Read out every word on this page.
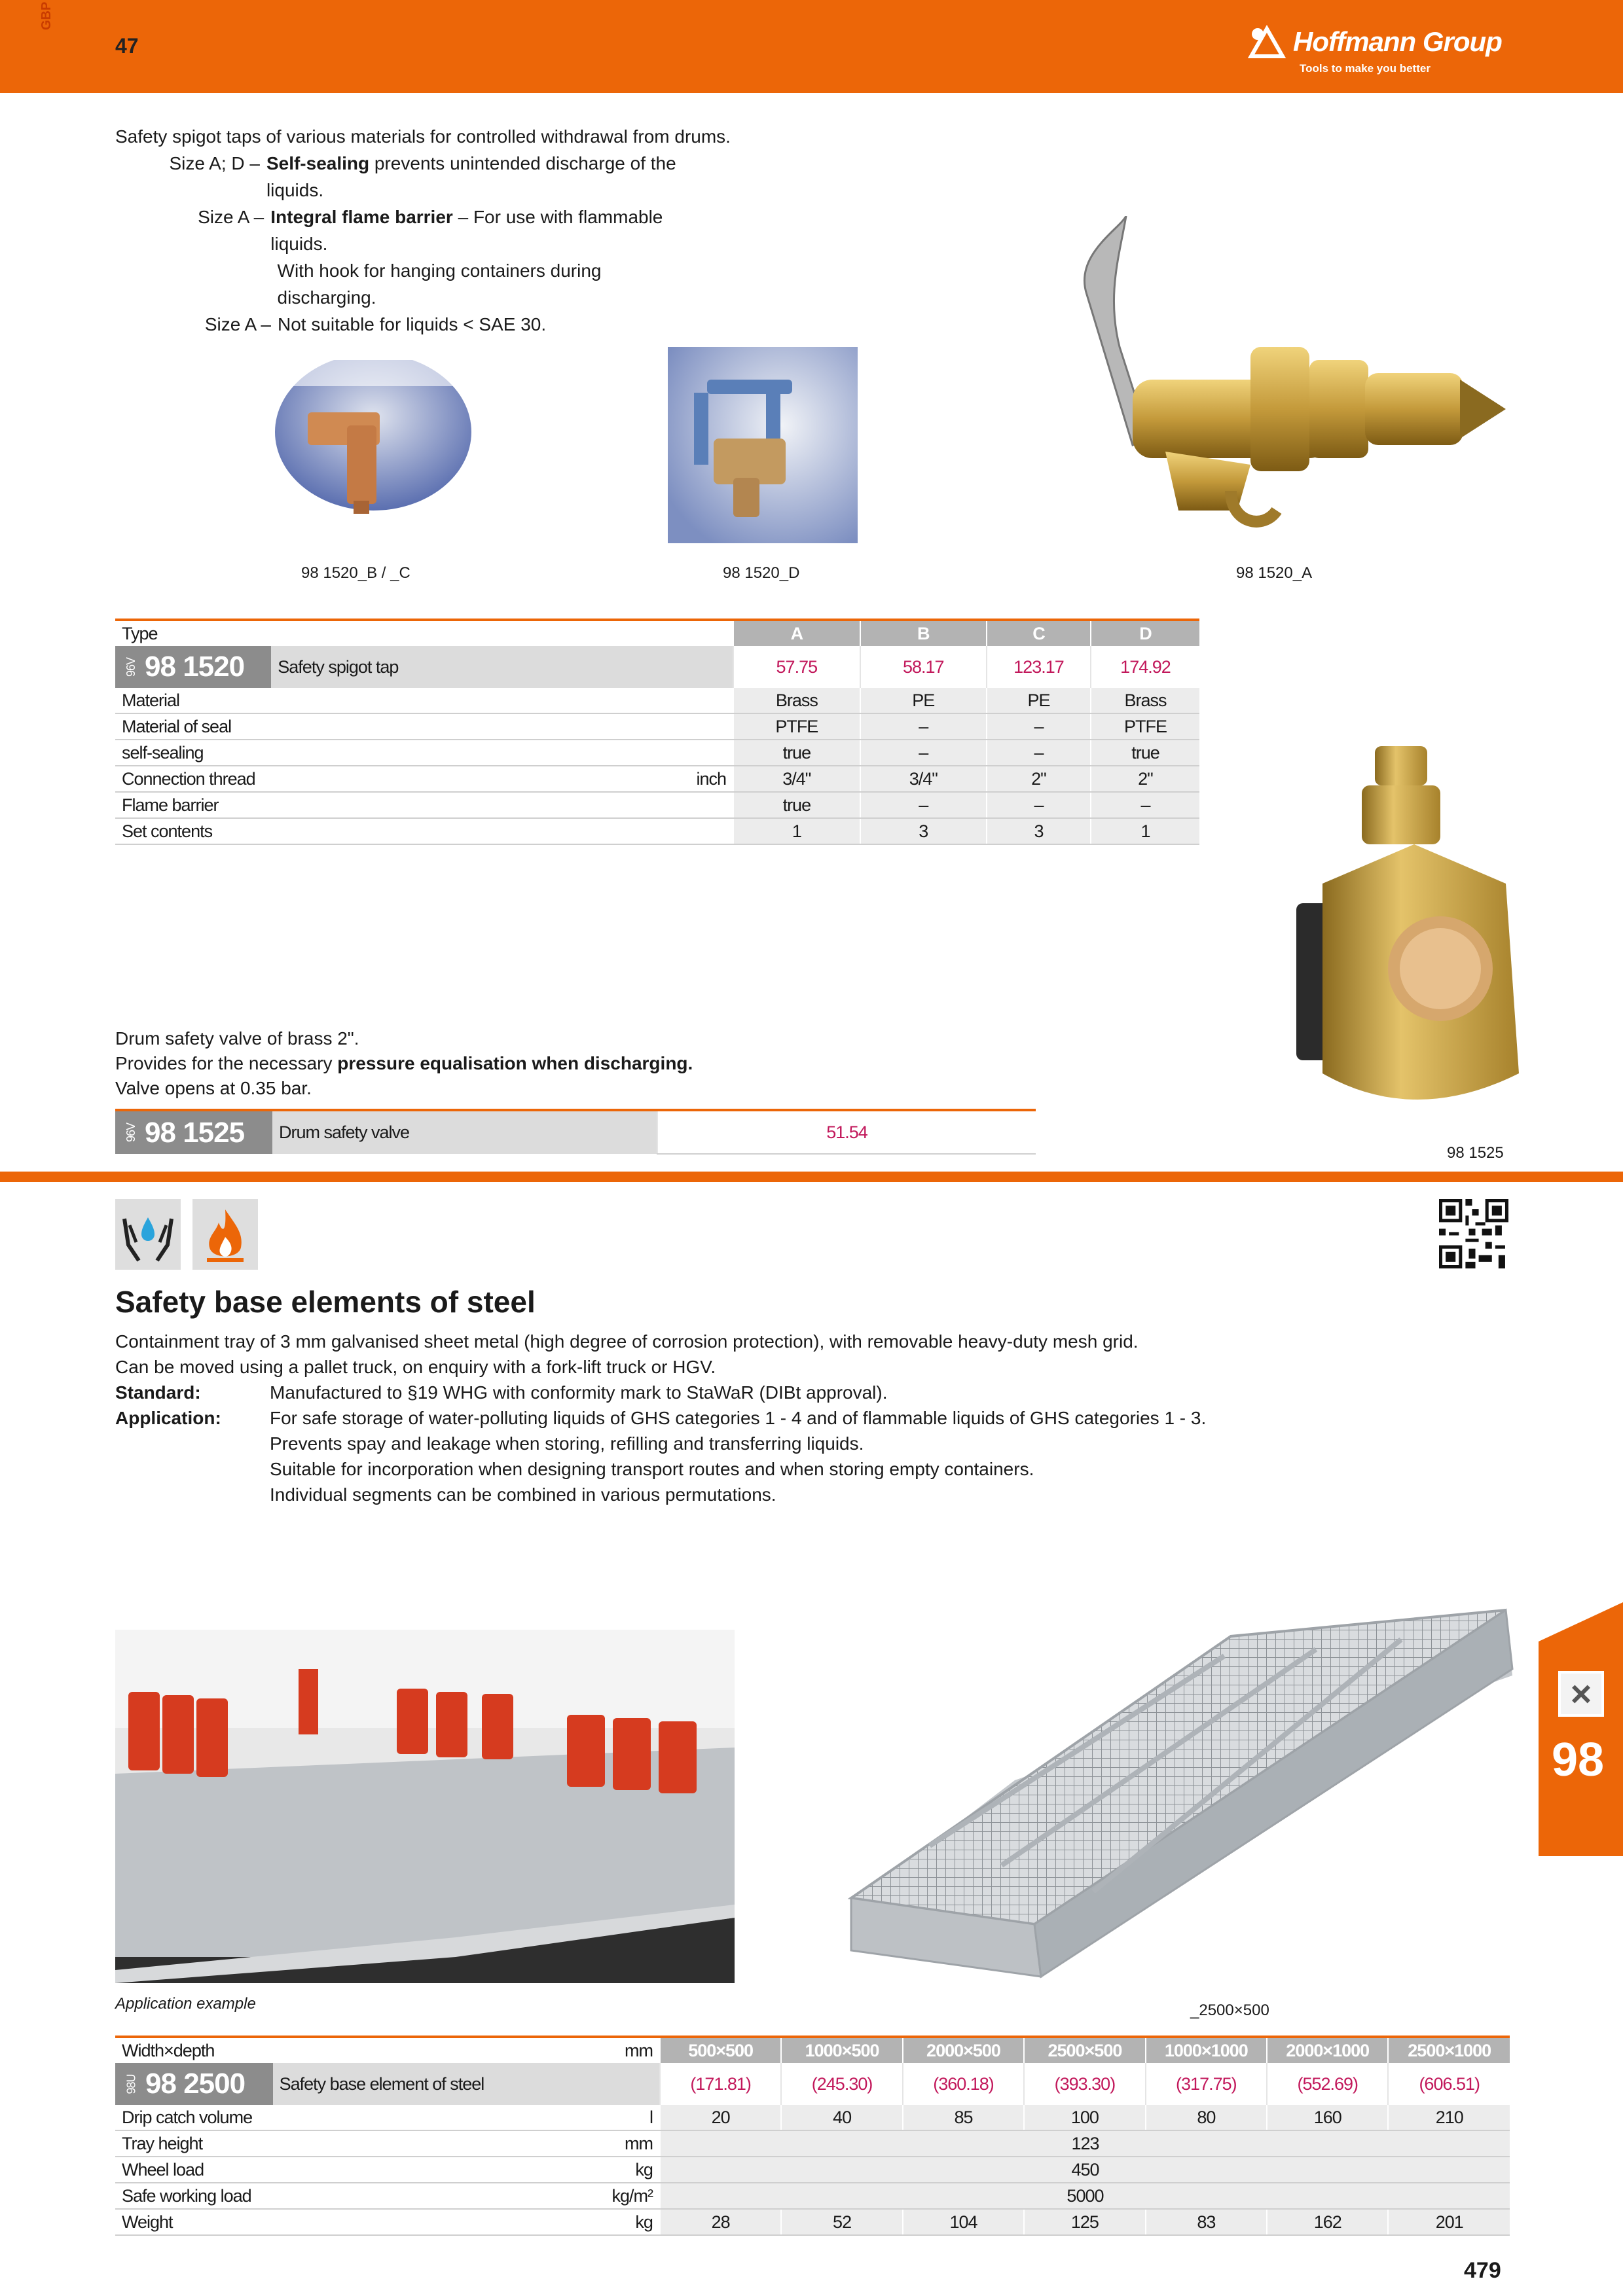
GBP
47	Hoffmann Group
Tools to make you better
Safety spigot taps of various materials for controlled withdrawal from drums.
Size A; D – Self-sealing prevents unintended discharge of the liquids.
Size A – Integral flame barrier – For use with flammable liquids.
With hook for hanging containers during discharging.
Size A – Not suitable for liquids < SAE 30.
98 1520_B / _C	98 1520_D	98 1520_A
Type		A	B	C	D
96V 98 1520	Safety spigot tap	57.75	58.17	123.17	174.92
Material		Brass	PE	PE	Brass
Material of seal		PTFE	–	–	PTFE
self-sealing		true	–	–	true
Connection thread	inch	3/4"	3/4"	2"	2"
Flame barrier		true	–	–	–
Set contents		1	3	3	1
Drum safety valve of brass 2".
Provides for the necessary pressure equalisation when discharging.
Valve opens at 0.35 bar.
96V 98 1525	Drum safety valve	51.54
98 1525
Safety base elements of steel
Containment tray of 3 mm galvanised sheet metal (high degree of corrosion protection), with removable heavy-duty mesh grid.
Can be moved using a pallet truck, on enquiry with a fork-lift truck or HGV.
Standard:	Manufactured to §19 WHG with conformity mark to StaWaR (DIBt approval).
Application:	For safe storage of water-polluting liquids of GHS categories 1 - 4 and of flammable liquids of GHS categories 1 - 3.
Prevents spay and leakage when storing, refilling and transferring liquids.
Suitable for incorporation when designing transport routes and when storing empty containers.
Individual segments can be combined in various permutations.
Application example	_2500×500
Width×depth	mm	500×500	1000×500	2000×500	2500×500	1000×1000	2000×1000	2500×1000
98U 98 2500	Safety base element of steel	(171.81)	(245.30)	(360.18)	(393.30)	(317.75)	(552.69)	(606.51)
Drip catch volume	l	20	40	85	100	80	160	210
Tray height	mm	123						
Wheel load	kg	450						
Safe working load	kg/m²	5000						
Weight	kg	28	52	104	125	83	162	201
×
98
479
